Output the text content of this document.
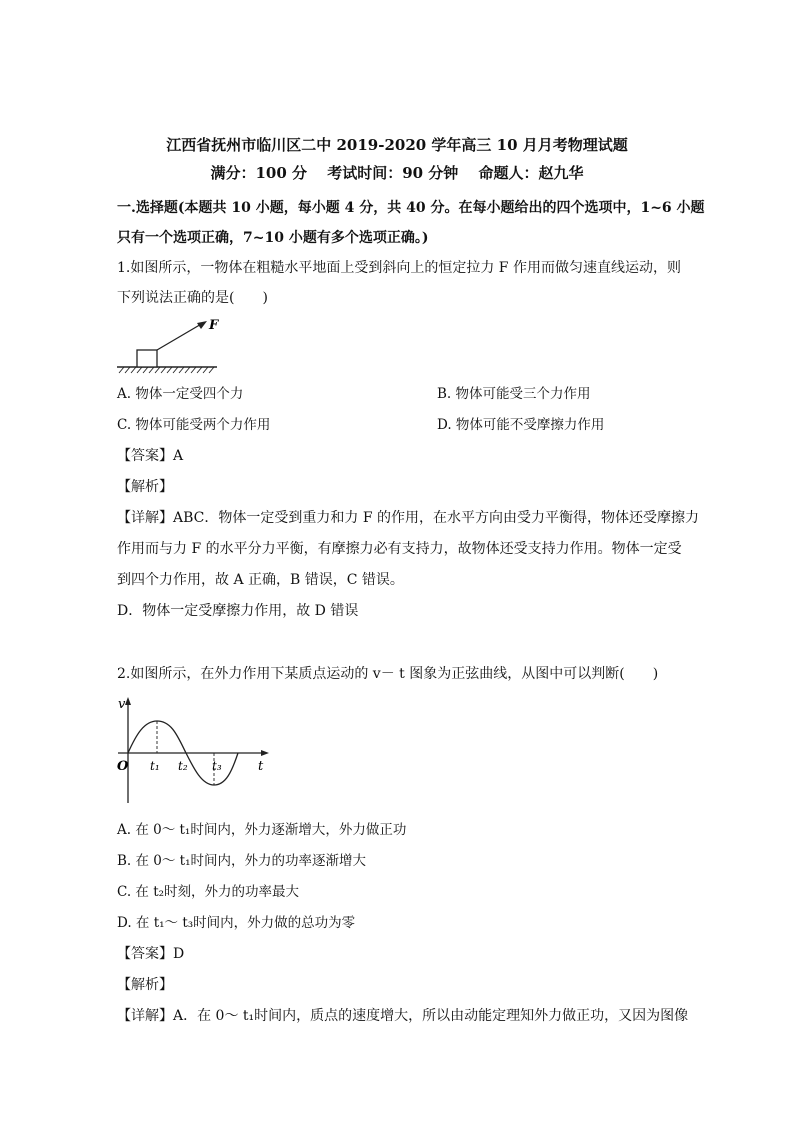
江西省抚州市临川区二中 2019-2020 学年高三 10 月月考物理试题
满分：100 分　 考试时间：90 分钟　 命题人：赵九华
一.选择题(本题共 10 小题，每小题 4 分，共 40 分。在每小题给出的四个选项中，1~6 小题
只有一个选项正确，7~10 小题有多个选项正确。)
1.如图所示，一物体在粗糙水平地面上受到斜向上的恒定拉力 F 作用而做匀速直线运动，则
下列说法正确的是(　　)
F
A. 物体一定受四个力	B. 物体可能受三个力作用
C. 物体可能受两个力作用	D. 物体可能不受摩擦力作用
【答案】A
【解析】
【详解】ABC．物体一定受到重力和力 F 的作用，在水平方向由受力平衡得，物体还受摩擦力
作用而与力 F 的水平分力平衡，有摩擦力必有支持力，故物体还受支持力作用。物体一定受
到四个力作用，故 A 正确，B 错误，C 错误。
D．物体一定受摩擦力作用，故 D 错误
2.如图所示，在外力作用下某质点运动的 v－ t 图象为正弦曲线，从图中可以判断(　　)
v
O t₁ t₂ t₃	t
A. 在 0～ t₁时间内，外力逐渐增大，外力做正功
B. 在 0～ t₁时间内，外力的功率逐渐增大
C. 在 t₂时刻，外力的功率最大
D. 在 t₁～ t₃时间内，外力做的总功为零
【答案】D
【解析】
【详解】A．在 0～ t₁时间内，质点的速度增大，所以由动能定理知外力做正功，又因为图像
